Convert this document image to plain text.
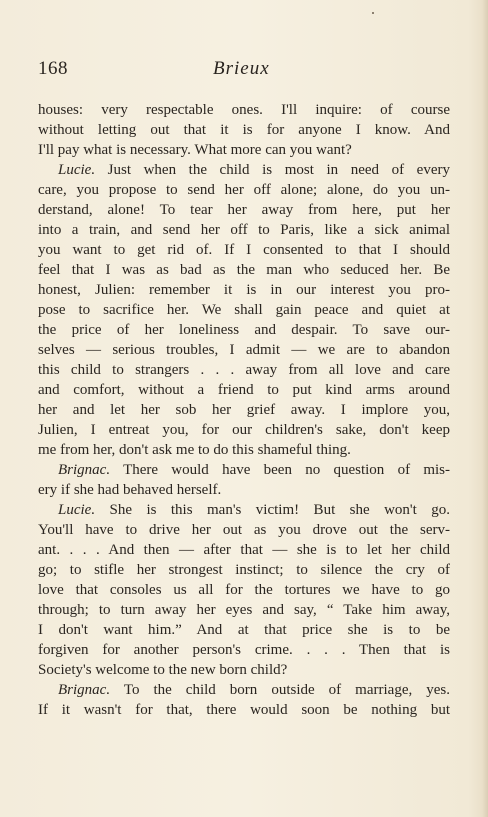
168	Brieux
houses: very respectable ones. I'll inquire: of course
without letting out that it is for anyone I know. And
I'll pay what is necessary. What more can you want?
Lucie. Just when the child is most in need of every
care, you propose to send her off alone; alone, do you un-
derstand, alone! To tear her away from here, put her
into a train, and send her off to Paris, like a sick animal
you want to get rid of. If I consented to that I should
feel that I was as bad as the man who seduced her. Be
honest, Julien: remember it is in our interest you pro-
pose to sacrifice her. We shall gain peace and quiet at
the price of her loneliness and despair. To save our-
selves — serious troubles, I admit — we are to abandon
this child to strangers . . . away from all love and care
and comfort, without a friend to put kind arms around
her and let her sob her grief away. I implore you,
Julien, I entreat you, for our children's sake, don't keep
me from her, don't ask me to do this shameful thing.
Brignac. There would have been no question of mis-
ery if she had behaved herself.
Lucie. She is this man's victim! But she won't go.
You'll have to drive her out as you drove out the serv-
ant. . . . And then — after that — she is to let her child
go; to stifle her strongest instinct; to silence the cry of
love that consoles us all for the tortures we have to go
through; to turn away her eyes and say, “ Take him away,
I don't want him.” And at that price she is to be
forgiven for another person's crime. . . . Then that is
Society's welcome to the new born child?
Brignac. To the child born outside of marriage, yes.
If it wasn't for that, there would soon be nothing but
